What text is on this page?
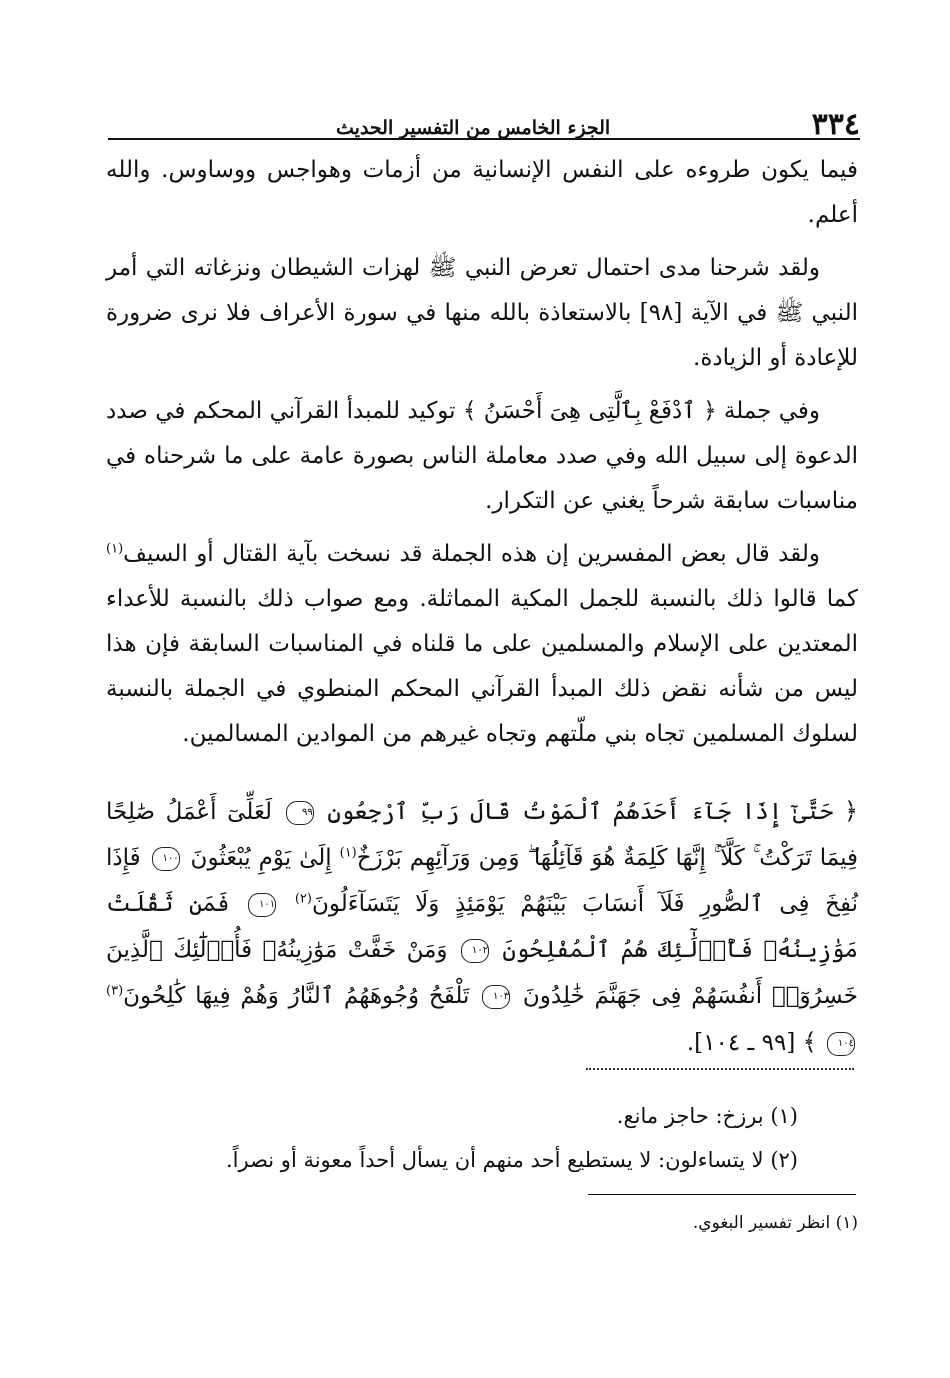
٣٣٤
الجزء الخامس من التفسير الحديث

فيما يكون طروءه على النفس الإنسانية من أزمات وهواجس ووساوس. والله أعلم.

ولقد شرحنا مدى احتمال تعرض النبي ﷺ لهزات الشيطان ونزغاته التي أمر النبي ﷺ في الآية [٩٨] بالاستعاذة بالله منها في سورة الأعراف فلا نرى ضرورة للإعادة أو الزيادة.

وفي جملة ﴿ ٱدْفَعْ بِٱلَّتِى هِىَ أَحْسَنُ ﴾ توكيد للمبدأ القرآني المحكم في صدد الدعوة إلى سبيل الله وفي صدد معاملة الناس بصورة عامة على ما شرحناه في مناسبات سابقة شرحاً يغني عن التكرار.

ولقد قال بعض المفسرين إن هذه الجملة قد نسخت بآية القتال أو السيف$^{(١)}$ كما قالوا ذلك بالنسبة للجمل المكية المماثلة. ومع صواب ذلك بالنسبة للأعداء المعتدين على الإسلام والمسلمين على ما قلناه في المناسبات السابقة فإن هذا ليس من شأنه نقض ذلك المبدأ القرآني المحكم المنطوي في الجملة بالنسبة لسلوك المسلمين تجاه بني ملّتهم وتجاه غيرهم من الموادين المسالمين.

﴿ حَتَّىٰٓ إِذَا جَآءَ أَحَدَهُمُ ٱلْمَوْتُ قَالَ رَبِّ ٱرْجِعُونِ ٩٩ لَعَلِّىٓ أَعْمَلُ صَٰلِحًا فِيمَا تَرَكْتُ ۚ كَلَّآ ۚ إِنَّهَا كَلِمَةٌ هُوَ قَآئِلُهَا ۖ وَمِن وَرَآئِهِم بَرْزَخٌ$^{(١)}$ إِلَىٰ يَوْمِ يُبْعَثُونَ ١٠٠ فَإِذَا نُفِخَ فِى ٱلصُّورِ فَلَآ أَنسَابَ بَيْنَهُمْ يَوْمَئِذٍ وَلَا يَتَسَآءَلُونَ$^{(٢)}$ ١٠١ فَمَن ثَقُلَتْ مَوَٰزِينُهُۥ فَأُو۟لَٰٓئِكَ هُمُ ٱلْمُفْلِحُونَ ١٠٢ وَمَنْ خَفَّتْ مَوَٰزِينُهُۥ فَأُو۟لَٰٓئِكَ ٱلَّذِينَ خَسِرُوٓا۟ أَنفُسَهُمْ فِى جَهَنَّمَ خَٰلِدُونَ ١٠٣ تَلْفَحُ وُجُوهَهُمُ ٱلنَّارُ وَهُمْ فِيهَا كَٰلِحُونَ$^{(٣)}$ ١٠٤ ﴾ [٩٩ ـ ١٠٤].
(١) برزخ: حاجز مانع.
(٢) لا يتساءلون: لا يستطيع أحد منهم أن يسأل أحداً معونة أو نصراً.
(١) انظر تفسير البغوي.
